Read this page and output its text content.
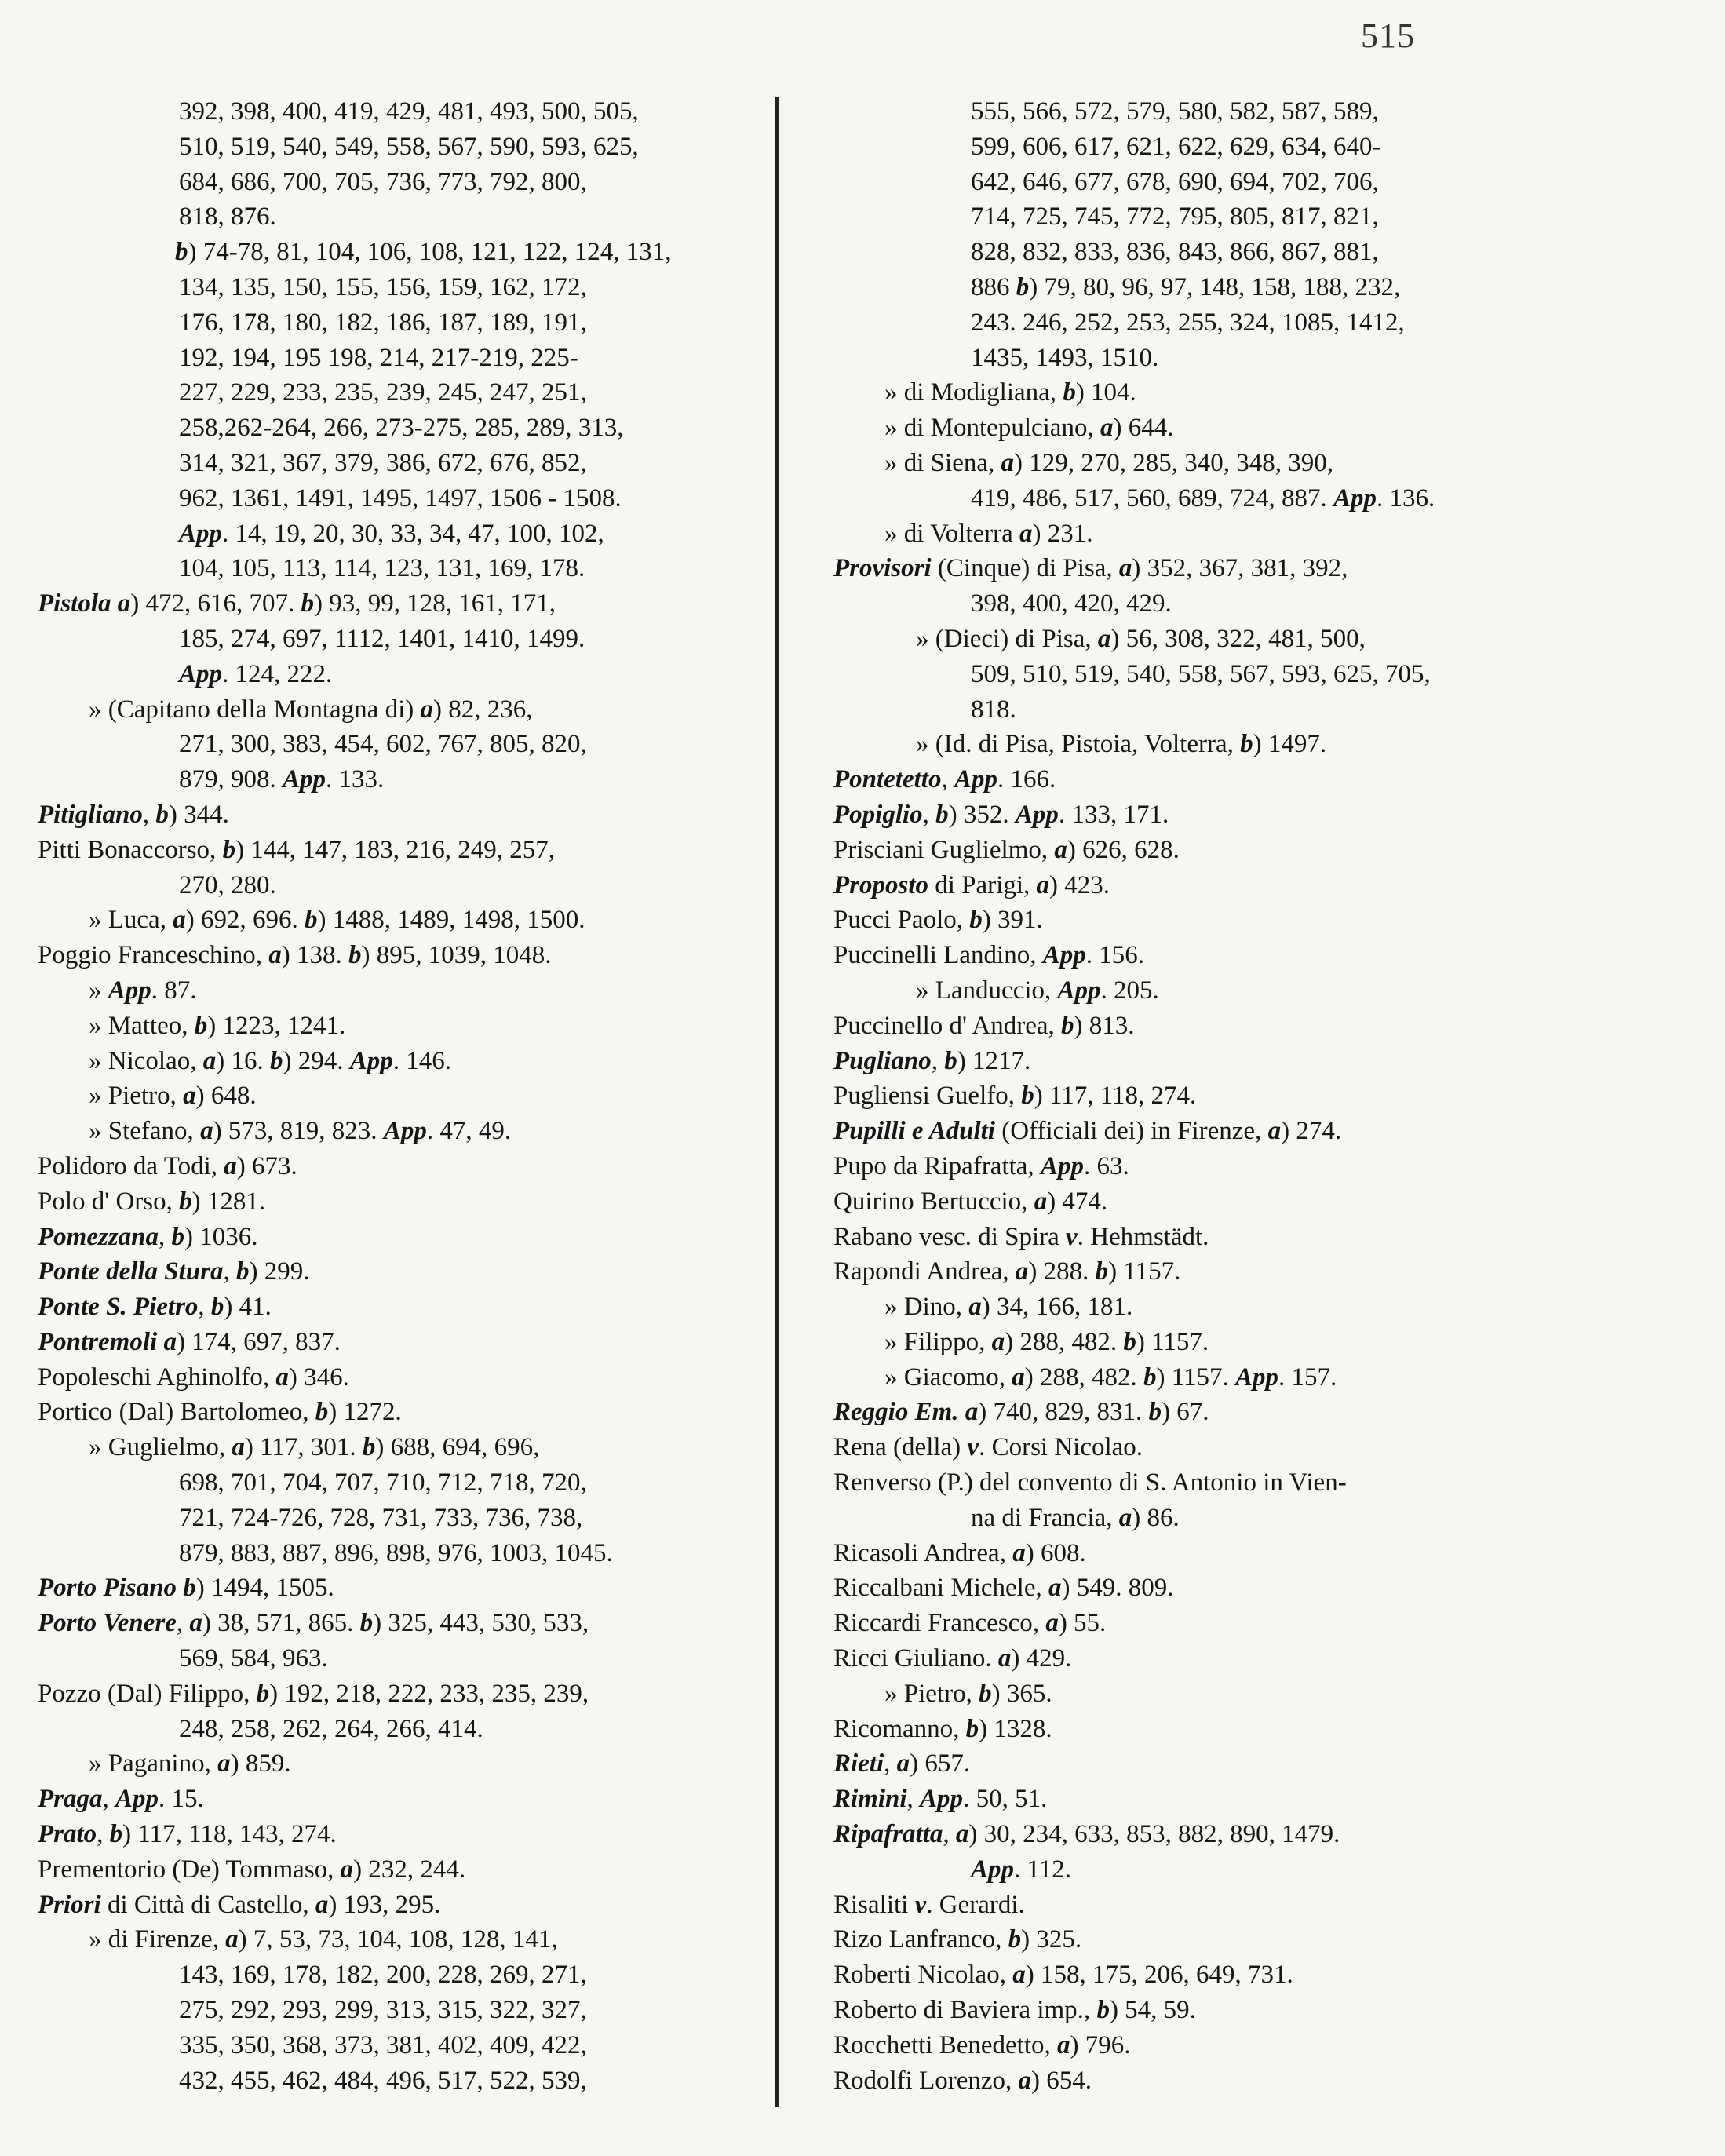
515
392, 398, 400, 419, 429, 481, 493, 500, 505,
510, 519, 540, 549, 558, 567, 590, 593, 625,
684, 686, 700, 705, 736, 773, 792, 800,
818, 876.
b) 74-78, 81, 104, 106, 108, 121, 122, 124, 131,
134, 135, 150, 155, 156, 159, 162, 172,
176, 178, 180, 182, 186, 187, 189, 191,
192, 194, 195 198, 214, 217-219, 225-
227, 229, 233, 235, 239, 245, 247, 251,
258,262-264, 266, 273-275, 285, 289, 313,
314, 321, 367, 379, 386, 672, 676, 852,
962, 1361, 1491, 1495, 1497, 1506 - 1508.
App. 14, 19, 20, 30, 33, 34, 47, 100, 102,
104, 105, 113, 114, 123, 131, 169, 178.
Pistola a) 472, 616, 707. b) 93, 99, 128, 161, 171,
185, 274, 697, 1112, 1401, 1410, 1499.
App. 124, 222.
» (Capitano della Montagna di) a) 82, 236,
271, 300, 383, 454, 602, 767, 805, 820,
879, 908. App. 133.
Pitigliano, b) 344.
Pitti Bonaccorso, b) 144, 147, 183, 216, 249, 257,
270, 280.
» Luca, a) 692, 696. b) 1488, 1489, 1498, 1500.
Poggio Franceschino, a) 138. b) 895, 1039, 1048.
» App. 87.
» Matteo, b) 1223, 1241.
» Nicolao, a) 16. b) 294. App. 146.
» Pietro, a) 648.
» Stefano, a) 573, 819, 823. App. 47, 49.
Polidoro da Todi, a) 673.
Polo d' Orso, b) 1281.
Pomezzana, b) 1036.
Ponte della Stura, b) 299.
Ponte S. Pietro, b) 41.
Pontremoli a) 174, 697, 837.
Popoleschi Aghinolfo, a) 346.
Portico (Dal) Bartolomeo, b) 1272.
» Guglielmo, a) 117, 301. b) 688, 694, 696,
698, 701, 704, 707, 710, 712, 718, 720,
721, 724-726, 728, 731, 733, 736, 738,
879, 883, 887, 896, 898, 976, 1003, 1045.
Porto Pisano b) 1494, 1505.
Porto Venere, a) 38, 571, 865. b) 325, 443, 530, 533,
569, 584, 963.
Pozzo (Dal) Filippo, b) 192, 218, 222, 233, 235, 239,
248, 258, 262, 264, 266, 414.
» Paganino, a) 859.
Praga, App. 15.
Prato, b) 117, 118, 143, 274.
Prementorio (De) Tommaso, a) 232, 244.
Priori di Città di Castello, a) 193, 295.
» di Firenze, a) 7, 53, 73, 104, 108, 128, 141,
143, 169, 178, 182, 200, 228, 269, 271,
275, 292, 293, 299, 313, 315, 322, 327,
335, 350, 368, 373, 381, 402, 409, 422,
432, 455, 462, 484, 496, 517, 522, 539,
555, 566, 572, 579, 580, 582, 587, 589,
599, 606, 617, 621, 622, 629, 634, 640-
642, 646, 677, 678, 690, 694, 702, 706,
714, 725, 745, 772, 795, 805, 817, 821,
828, 832, 833, 836, 843, 866, 867, 881,
886 b) 79, 80, 96, 97, 148, 158, 188, 232,
243. 246, 252, 253, 255, 324, 1085, 1412,
1435, 1493, 1510.
» di Modigliana, b) 104.
» di Montepulciano, a) 644.
» di Siena, a) 129, 270, 285, 340, 348, 390,
419, 486, 517, 560, 689, 724, 887. App. 136.
» di Volterra a) 231.
Provisori (Cinque) di Pisa, a) 352, 367, 381, 392,
398, 400, 420, 429.
» (Dieci) di Pisa, a) 56, 308, 322, 481, 500,
509, 510, 519, 540, 558, 567, 593, 625, 705,
818.
» (Id. di Pisa, Pistoia, Volterra, b) 1497.
Pontetetto, App. 166.
Popiglio, b) 352. App. 133, 171.
Prisciani Guglielmo, a) 626, 628.
Proposto di Parigi, a) 423.
Pucci Paolo, b) 391.
Puccinelli Landino, App. 156.
» Landuccio, App. 205.
Puccinello d' Andrea, b) 813.
Pugliano, b) 1217.
Pugliensi Guelfo, b) 117, 118, 274.
Pupilli e Adulti (Officiali dei) in Firenze, a) 274.
Pupo da Ripafratta, App. 63.
Quirino Bertuccio, a) 474.
Rabano vesc. di Spira v. Hehmstädt.
Rapondi Andrea, a) 288. b) 1157.
» Dino, a) 34, 166, 181.
» Filippo, a) 288, 482. b) 1157.
» Giacomo, a) 288, 482. b) 1157. App. 157.
Reggio Em. a) 740, 829, 831. b) 67.
Rena (della) v. Corsi Nicolao.
Renverso (P.) del convento di S. Antonio in Vien-
na di Francia, a) 86.
Ricasoli Andrea, a) 608.
Riccalbani Michele, a) 549. 809.
Riccardi Francesco, a) 55.
Ricci Giuliano. a) 429.
» Pietro, b) 365.
Ricomanno, b) 1328.
Rieti, a) 657.
Rimini, App. 50, 51.
Ripafratta, a) 30, 234, 633, 853, 882, 890, 1479.
App. 112.
Risaliti v. Gerardi.
Rizo Lanfranco, b) 325.
Roberti Nicolao, a) 158, 175, 206, 649, 731.
Roberto di Baviera imp., b) 54, 59.
Rocchetti Benedetto, a) 796.
Rodolfi Lorenzo, a) 654.
